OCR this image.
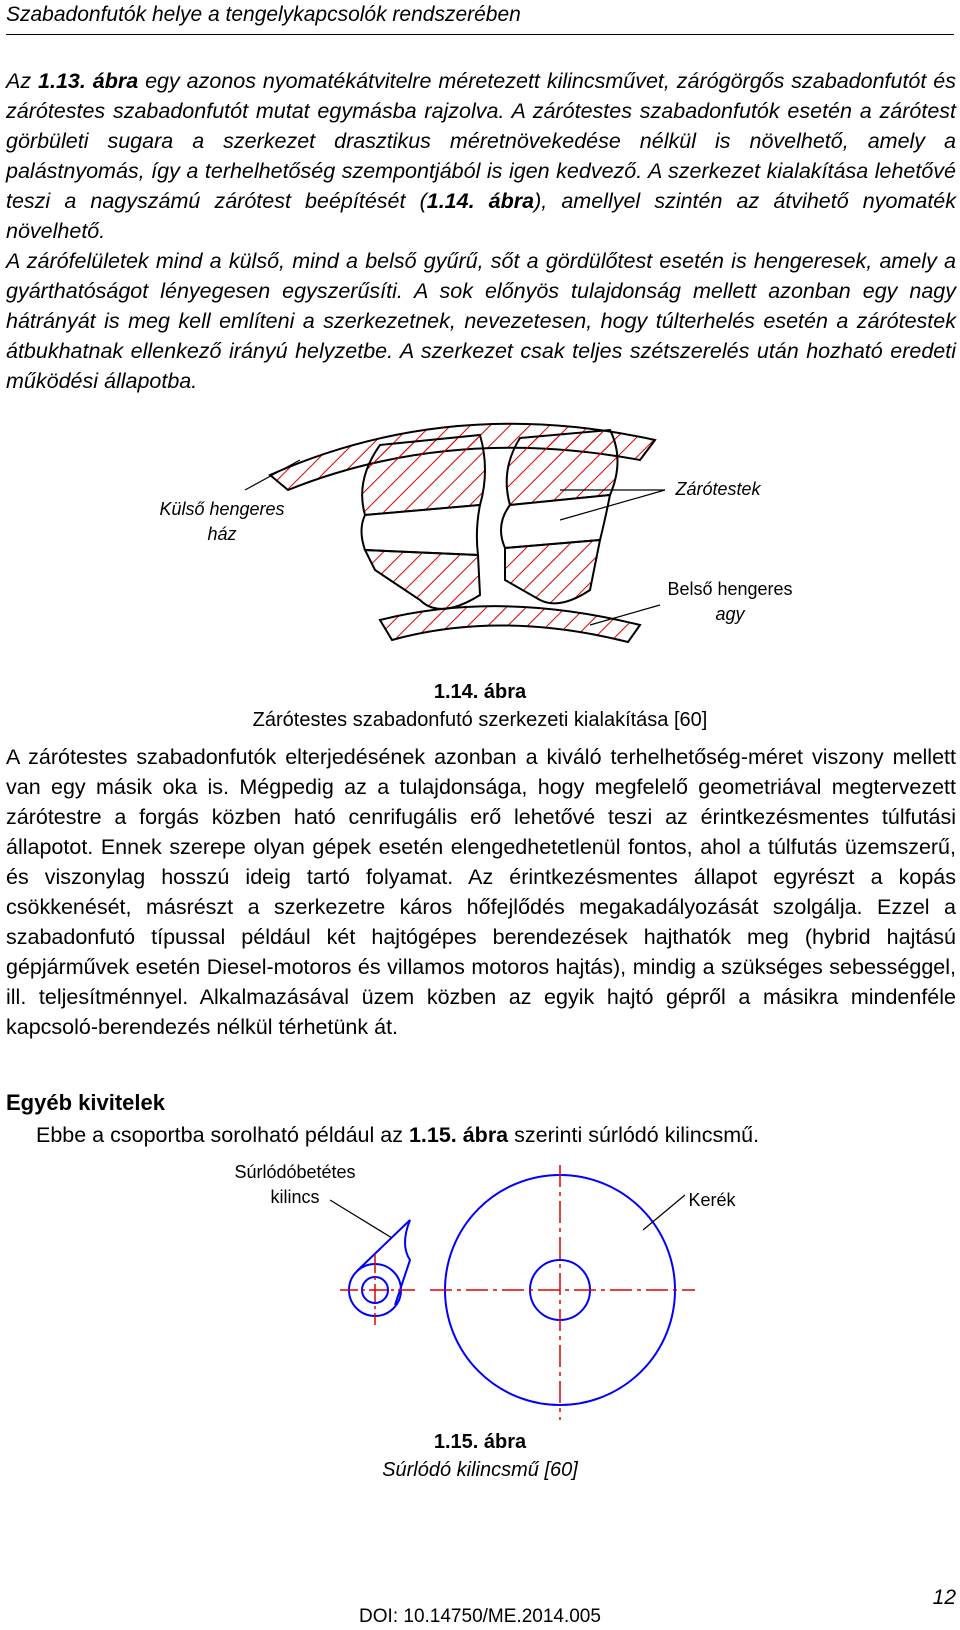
Szabadonfutók helye a tengelykapcsolók rendszerében

Az 1.13. ábra egy azonos nyomatékátvitelre méretezett kilincsművet, zárógörgős szabadonfutót és zárótestes szabadonfutót mutat egymásba rajzolva. A zárótestes szabadonfutók esetén a zárótest görbületi sugara a szerkezet drasztikus méretnövekedése nélkül is növelhető, amely a palástnyomás, így a terhelhetőség szempontjából is igen kedvező. A szerkezet kialakítása lehetővé teszi a nagyszámú zárótest beépítését (1.14. ábra), amellyel szintén az átvihető nyomaték növelhető.

A zárófelületek mind a külső, mind a belső gyűrű, sőt a gördülőtest esetén is hengeresek, amely a gyárthatóságot lényegesen egyszerűsíti. A sok előnyös tulajdonság mellett azonban egy nagy hátrányát is meg kell említeni a szerkezetnek, nevezetesen, hogy túlterhelés esetén a zárótestek átbukhatnak ellenkező irányú helyzetbe. A szerkezet csak teljes szétszerelés után hozható eredeti működési állapotba.

Külső hengeres
ház
Zárótestek
Belső hengeres
agy
1.14. ábra
Zárótestes szabadonfutó szerkezeti kialakítása [60]

A zárótestes szabadonfutók elterjedésének azonban a kiváló terhelhetőség-méret viszony mellett van egy másik oka is. Mégpedig az a tulajdonsága, hogy megfelelő geometriával megtervezett zárótestre a forgás közben ható cenrifugális erő lehetővé teszi az érintkezésmentes túlfutási állapotot. Ennek szerepe olyan gépek esetén elengedhetetlenül fontos, ahol a túlfutás üzemszerű, és viszonylag hosszú ideig tartó folyamat. Az érintkezésmentes állapot egyrészt a kopás csökkenését, másrészt a szerkezetre káros hőfejlődés megakadályozását szolgálja. Ezzel a szabadonfutó típussal például két hajtógépes berendezések hajthatók meg (hybrid hajtású gépjárművek esetén Diesel-motoros és villamos motoros hajtás), mindig a szükséges sebességgel, ill. teljesítménnyel. Alkalmazásával üzem közben az egyik hajtó gépről a másikra mindenféle kapcsoló-berendezés nélkül térhetünk át.

Egyéb kivitelek

Ebbe a csoportba sorolható például az 1.15. ábra szerinti súrlódó kilincsmű.

Súrlódóbetétes
kilincs	Kerék
1.15. ábra
Súrlódó kilincsmű [60]
12
DOI: 10.14750/ME.2014.005
